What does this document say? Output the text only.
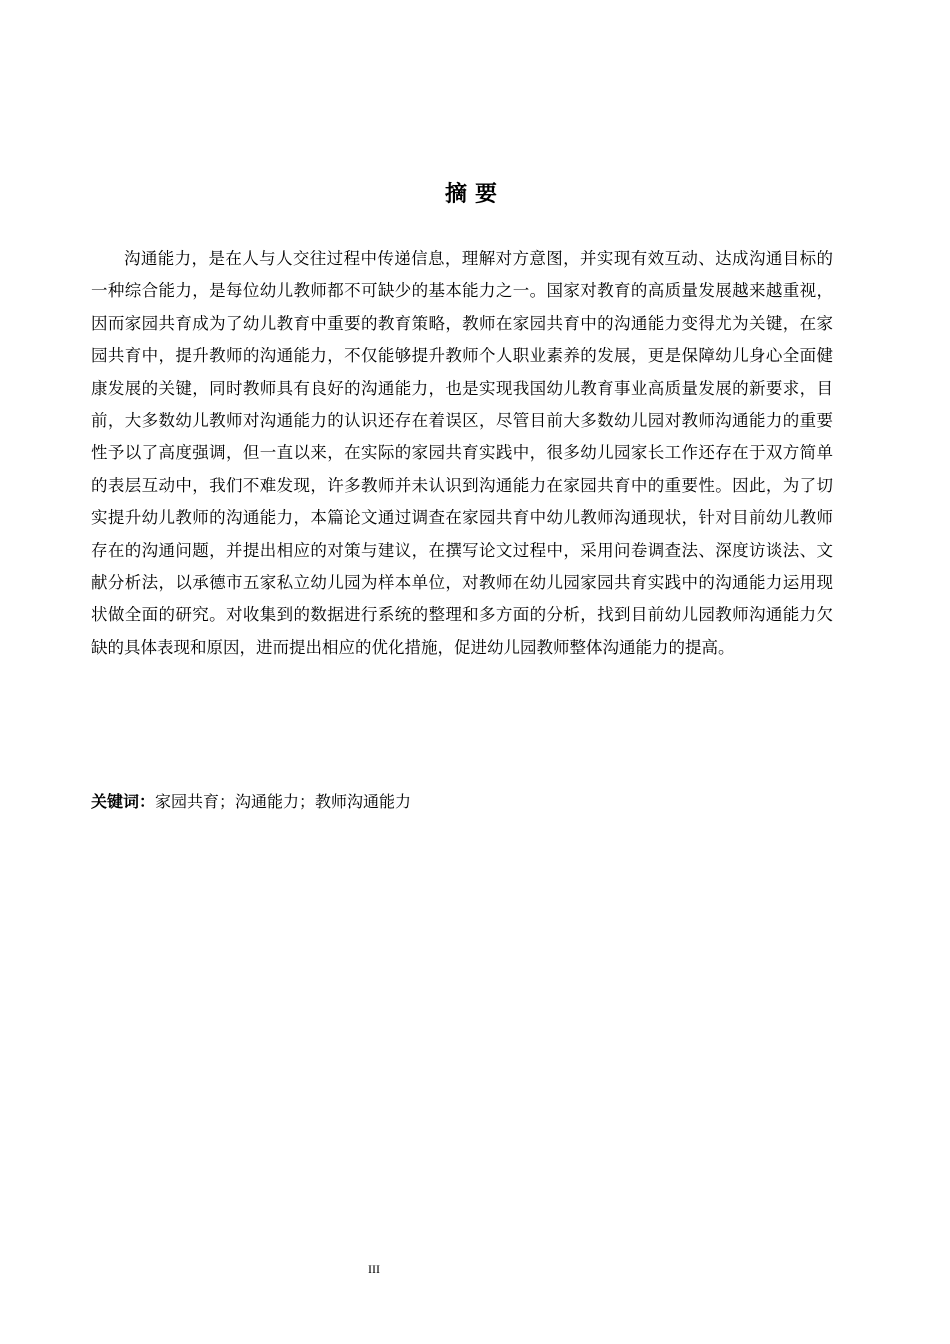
摘要

沟通能力，是在人与人交往过程中传递信息，理解对方意图，并实现有效互动、达成沟通目标的一种综合能力，是每位幼儿教师都不可缺少的基本能力之一。国家对教育的高质量发展越来越重视，因而家园共育成为了幼儿教育中重要的教育策略，教师在家园共育中的沟通能力变得尤为关键，在家园共育中，提升教师的沟通能力，不仅能够提升教师个人职业素养的发展，更是保障幼儿身心全面健康发展的关键，同时教师具有良好的沟通能力，也是实现我国幼儿教育事业高质量发展的新要求，目前，大多数幼儿教师对沟通能力的认识还存在着误区，尽管目前大多数幼儿园对教师沟通能力的重要性予以了高度强调，但一直以来，在实际的家园共育实践中，很多幼儿园家长工作还存在于双方简单的表层互动中，我们不难发现，许多教师并未认识到沟通能力在家园共育中的重要性。因此，为了切实提升幼儿教师的沟通能力，本篇论文通过调查在家园共育中幼儿教师沟通现状，针对目前幼儿教师存在的沟通问题，并提出相应的对策与建议，在撰写论文过程中，采用问卷调查法、深度访谈法、文献分析法，以承德市五家私立幼儿园为样本单位，对教师在幼儿园家园共育实践中的沟通能力运用现状做全面的研究。对收集到的数据进行系统的整理和多方面的分析，找到目前幼儿园教师沟通能力欠缺的具体表现和原因，进而提出相应的优化措施，促进幼儿园教师整体沟通能力的提高。

关键词：家园共育；沟通能力；教师沟通能力

III
